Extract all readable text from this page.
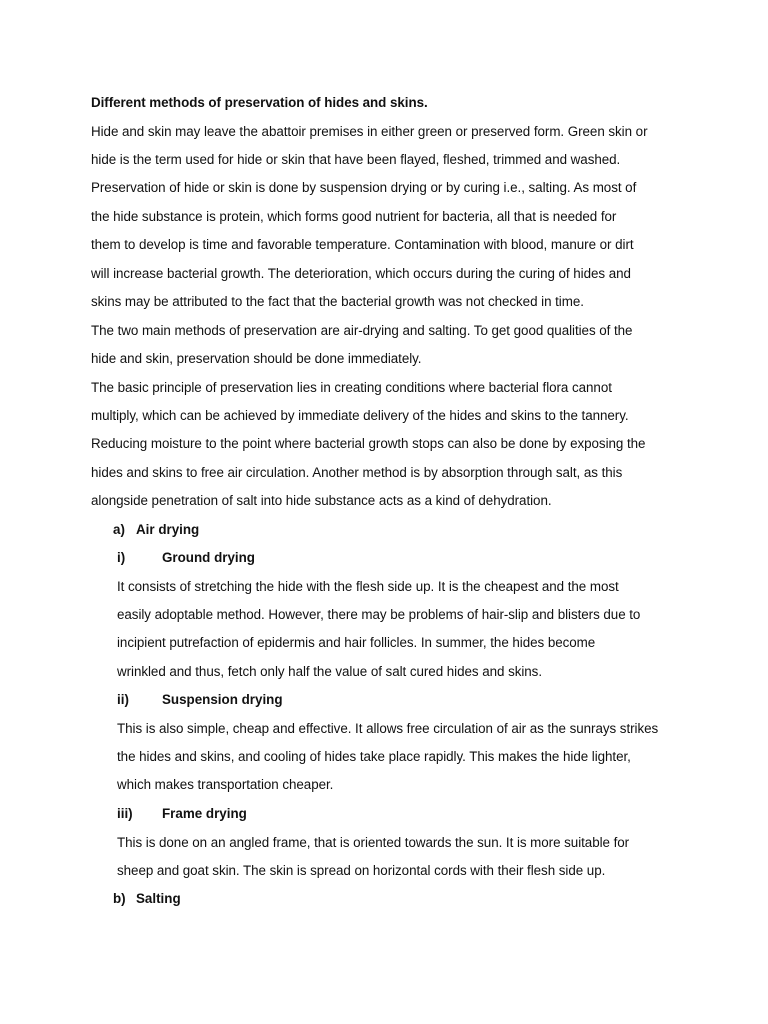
Different methods of preservation of hides and skins.
Hide and skin may leave the abattoir premises in either green or preserved form. Green skin or
hide is the term used for hide or skin that have been flayed, fleshed, trimmed and washed.
Preservation of hide or skin is done by suspension drying or by curing i.e., salting. As most of
the hide substance is protein, which forms good nutrient for bacteria, all that is needed for
them to develop is time and favorable temperature. Contamination with blood, manure or dirt
will increase bacterial growth. The deterioration, which occurs during the curing of hides and
skins may be attributed to the fact that the bacterial growth was not checked in time.
The two main methods of preservation are air-drying and salting. To get good qualities of the
hide and skin, preservation should be done immediately.
The basic principle of preservation lies in creating conditions where bacterial flora cannot
multiply, which can be achieved by immediate delivery of the hides and skins to the tannery.
Reducing moisture to the point where bacterial growth stops can also be done by exposing the
hides and skins to free air circulation. Another method is by absorption through salt, as this
alongside penetration of salt into hide substance acts as a kind of dehydration.
a) Air drying
i)	Ground drying
It consists of stretching the hide with the flesh side up. It is the cheapest and the most
easily adoptable method. However, there may be problems of hair-slip and blisters due to
incipient putrefaction of epidermis and hair follicles. In summer, the hides become
wrinkled and thus, fetch only half the value of salt cured hides and skins.
ii) Suspension drying
This is also simple, cheap and effective. It allows free circulation of air as the sunrays strikes
the hides and skins, and cooling of hides take place rapidly. This makes the hide lighter,
which makes transportation cheaper.
iii) Frame drying
This is done on an angled frame, that is oriented towards the sun. It is more suitable for
sheep and goat skin. The skin is spread on horizontal cords with their flesh side up.
b) Salting
